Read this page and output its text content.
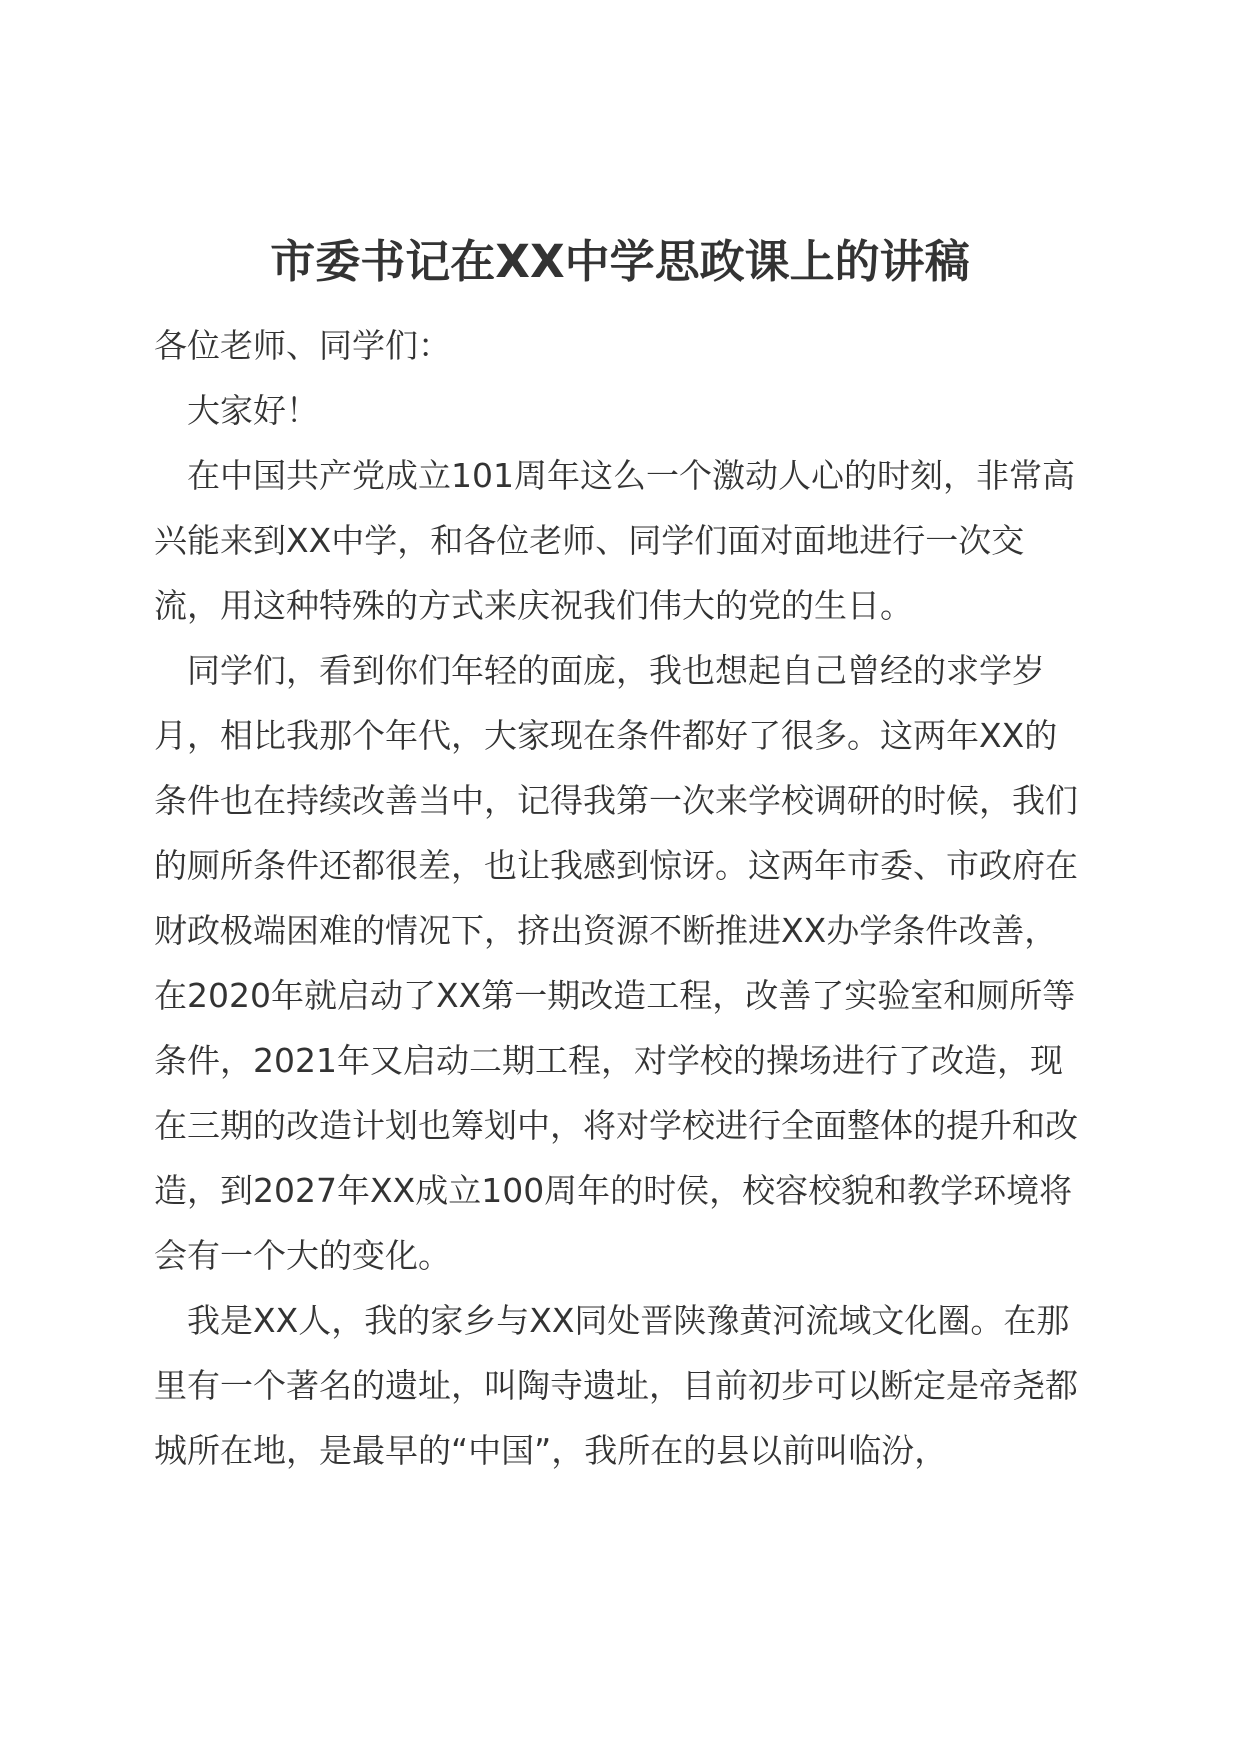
市委书记在XX中学思政课上的讲稿

各位老师、同学们：

大家好！

在中国共产党成立101周年这么一个激动人心的时刻，非常高兴能来到XX中学，和各位老师、同学们面对面地进行一次交流，用这种特殊的方式来庆祝我们伟大的党的生日。

同学们，看到你们年轻的面庞，我也想起自己曾经的求学岁月，相比我那个年代，大家现在条件都好了很多。这两年XX的条件也在持续改善当中，记得我第一次来学校调研的时候，我们的厕所条件还都很差，也让我感到惊讶。这两年市委、市政府在财政极端困难的情况下，挤出资源不断推进XX办学条件改善，在2020年就启动了XX第一期改造工程，改善了实验室和厕所等条件，2021年又启动二期工程，对学校的操场进行了改造，现在三期的改造计划也筹划中，将对学校进行全面整体的提升和改造，到2027年XX成立100周年的时侯，校容校貌和教学环境将会有一个大的变化。

我是XX人，我的家乡与XX同处晋陕豫黄河流域文化圈。在那里有一个著名的遗址，叫陶寺遗址，目前初步可以断定是帝尧都城所在地，是最早的“中国”，我所在的县以前叫临汾，
